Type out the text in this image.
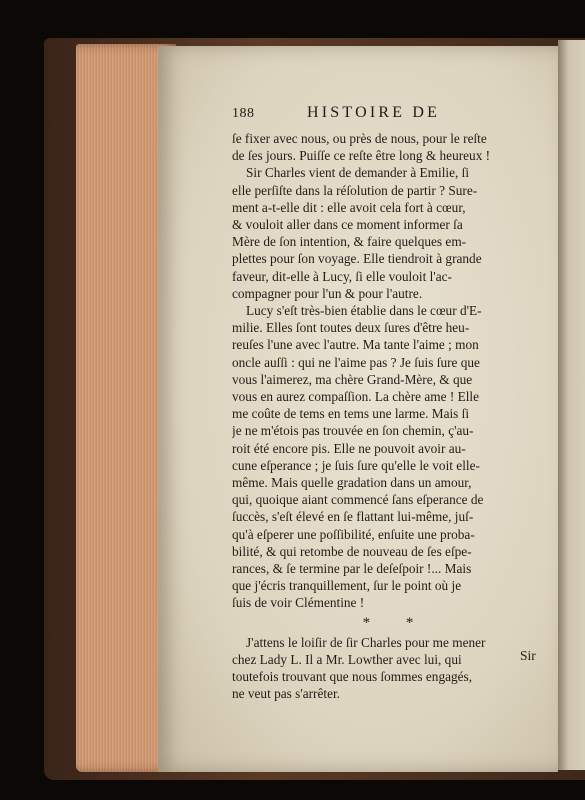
188	HISTOIRE DE

ſe fixer avec nous, ou près de nous, pour le reſte
de ſes jours. Puiſſe ce reſte être long & heureux !

Sir Charles vient de demander à Emilie, ſi
elle perſiſte dans la réſolution de partir ? Sure-
ment a-t-elle dit : elle avoit cela fort à cœur,
& vouloit aller dans ce moment informer ſa
Mère de ſon intention, & faire quelques em-
plettes pour ſon voyage. Elle tiendroit à grande
faveur, dit-elle à Lucy, ſi elle vouloit l'ac-
compagner pour l'un & pour l'autre.

Lucy s'eſt très-bien établie dans le cœur d'E-
milie. Elles ſont toutes deux ſures d'être heu-
reuſes l'une avec l'autre. Ma tante l'aime ; mon
oncle auſſi : qui ne l'aime pas ? Je ſuis ſure que
vous l'aimerez, ma chère Grand-Mère, & que
vous en aurez compaſſion. La chère ame ! Elle
me coûte de tems en tems une larme. Mais ſi
je ne m'étois pas trouvée en ſon chemin, ç'au-
roit été encore pis. Elle ne pouvoit avoir au-
cune eſperance ; je ſuis ſure qu'elle le voit elle-
même. Mais quelle gradation dans un amour,
qui, quoique aiant commencé ſans eſperance de
ſuccès, s'eſt élevé en ſe flattant lui-même, juſ-
qu'à eſperer une poſſibilité, enſuite une proba-
bilité, & qui retombe de nouveau de ſes eſpe-
rances, & ſe termine par le deſeſpoir !... Mais
que j'écris tranquillement, ſur le point où je
ſuis de voir Clémentine !

* *

J'attens le loiſir de ſir Charles pour me mener
chez Lady L. Il a Mr. Lowther avec lui, qui
toutefois trouvant que nous ſommes engagés,
ne veut pas s'arrêter.

Sir
